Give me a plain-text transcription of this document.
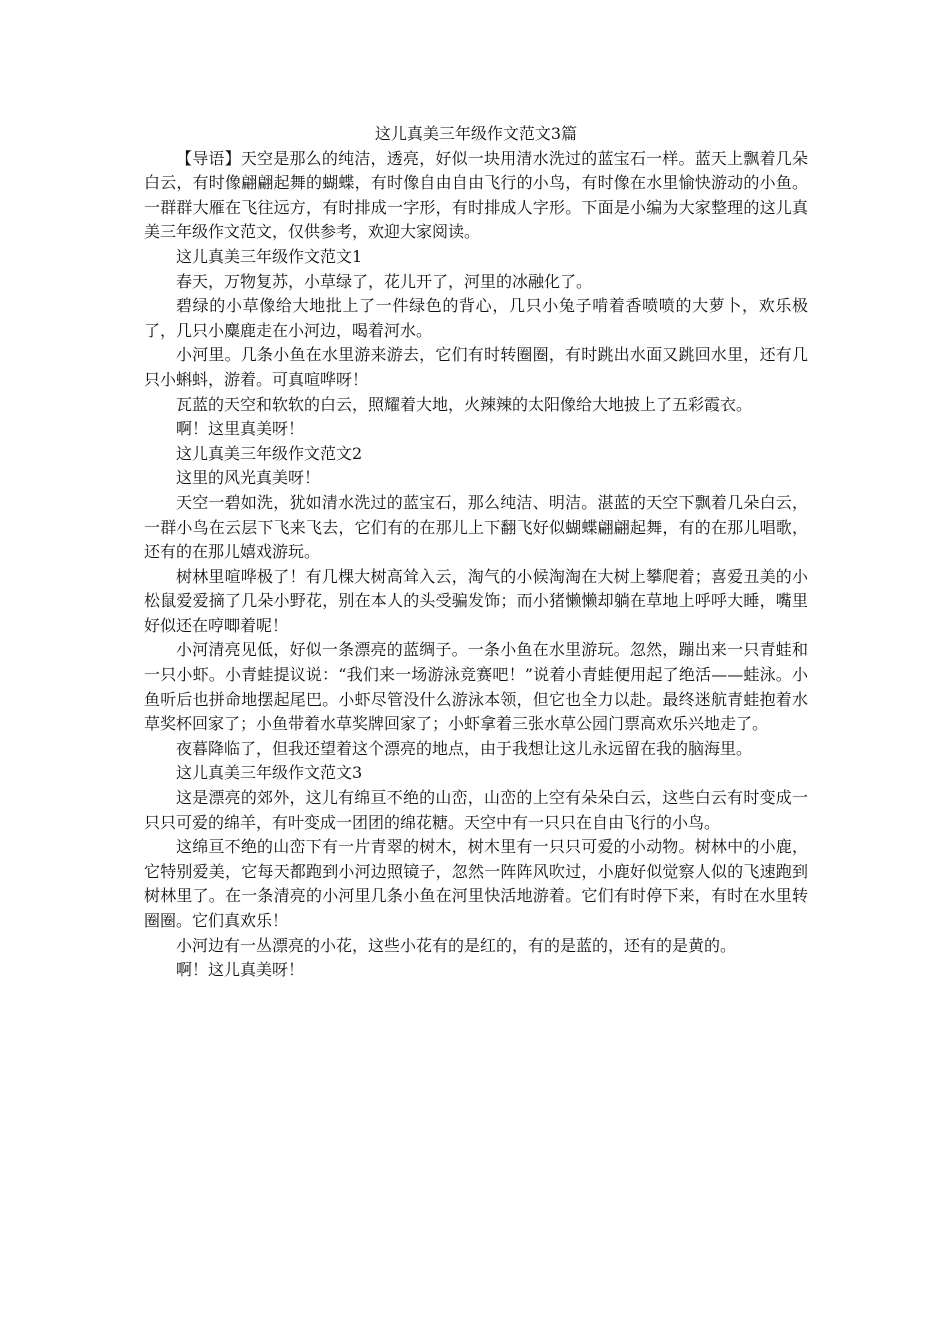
这儿真美三年级作文范文3篇

【导语】天空是那么的纯洁，透亮，好似一块用清水洗过的蓝宝石一样。蓝天上飘着几朵白云，有时像翩翩起舞的蝴蝶，有时像自由自由飞行的小鸟，有时像在水里愉快游动的小鱼。一群群大雁在飞往远方，有时排成一字形，有时排成人字形。下面是小编为大家整理的这儿真美三年级作文范文，仅供参考，欢迎大家阅读。

这儿真美三年级作文范文1

春天，万物复苏，小草绿了，花儿开了，河里的冰融化了。

碧绿的小草像给大地批上了一件绿色的背心，几只小兔子啃着香喷喷的大萝卜，欢乐极了，几只小麋鹿走在小河边，喝着河水。

小河里。几条小鱼在水里游来游去，它们有时转圈圈，有时跳出水面又跳回水里，还有几只小蝌蚪，游着。可真喧哗呀！

瓦蓝的天空和软软的白云，照耀着大地，火辣辣的太阳像给大地披上了五彩霞衣。

啊！这里真美呀！

这儿真美三年级作文范文2

这里的风光真美呀！

天空一碧如洗，犹如清水洗过的蓝宝石，那么纯洁、明洁。湛蓝的天空下飘着几朵白云，一群小鸟在云层下飞来飞去，它们有的在那儿上下翻飞好似蝴蝶翩翩起舞，有的在那儿唱歌，还有的在那儿嬉戏游玩。

树林里喧哗极了！有几棵大树高耸入云，淘气的小候淘淘在大树上攀爬着；喜爱丑美的小松鼠爱爱摘了几朵小野花，别在本人的头受骗发饰；而小猪懒懒却躺在草地上呼呼大睡，嘴里好似还在哼唧着呢！

小河清亮见低，好似一条漂亮的蓝绸子。一条小鱼在水里游玩。忽然，蹦出来一只青蛙和一只小虾。小青蛙提议说：“我们来一场游泳竞赛吧！”说着小青蛙便用起了绝活——蛙泳。小鱼听后也拼命地摆起尾巴。小虾尽管没什么游泳本领，但它也全力以赴。最终迷航青蛙抱着水草奖杯回家了；小鱼带着水草奖牌回家了；小虾拿着三张水草公园门票高欢乐兴地走了。

夜暮降临了，但我还望着这个漂亮的地点，由于我想让这儿永远留在我的脑海里。

这儿真美三年级作文范文3

这是漂亮的郊外，这儿有绵亘不绝的山峦，山峦的上空有朵朵白云，这些白云有时变成一只只可爱的绵羊，有叶变成一团团的绵花糖。天空中有一只只在自由飞行的小鸟。

这绵亘不绝的山峦下有一片青翠的树木，树木里有一只只可爱的小动物。树林中的小鹿，它特别爱美，它每天都跑到小河边照镜子，忽然一阵阵风吹过，小鹿好似觉察人似的飞速跑到树林里了。在一条清亮的小河里几条小鱼在河里快活地游着。它们有时停下来，有时在水里转圈圈。它们真欢乐！

小河边有一丛漂亮的小花，这些小花有的是红的，有的是蓝的，还有的是黄的。

啊！这儿真美呀！
